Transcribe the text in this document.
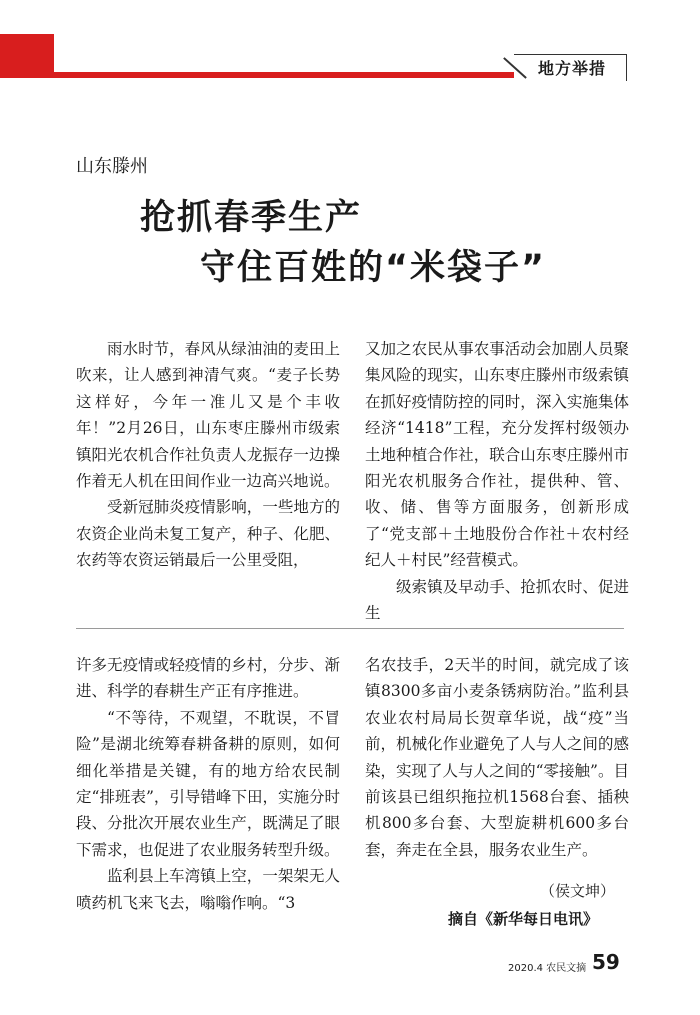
地方举措
山东滕州
抢抓春季生产
守住百姓的“米袋子”

雨水时节，春风从绿油油的麦田上吹来，让人感到神清气爽。“麦子长势这样好，今年一准儿又是个丰收年！”2月26日，山东枣庄滕州市级索镇阳光农机合作社负责人龙振存一边操作着无人机在田间作业一边高兴地说。

受新冠肺炎疫情影响，一些地方的农资企业尚未复工复产，种子、化肥、农药等农资运销最后一公里受阻，

又加之农民从事农事活动会加剧人员聚集风险的现实，山东枣庄滕州市级索镇在抓好疫情防控的同时，深入实施集体经济“1418”工程，充分发挥村级领办土地种植合作社，联合山东枣庄滕州市阳光农机服务合作社，提供种、管、收、储、售等方面服务，创新形成了“党支部＋土地股份合作社＋农村经纪人＋村民”经营模式。

级索镇及早动手、抢抓农时、促进生

许多无疫情或轻疫情的乡村，分步、渐进、科学的春耕生产正有序推进。

“不等待，不观望，不耽误，不冒险”是湖北统筹春耕备耕的原则，如何细化举措是关键，有的地方给农民制定“排班表”，引导错峰下田，实施分时段、分批次开展农业生产，既满足了眼下需求，也促进了农业服务转型升级。

监利县上车湾镇上空，一架架无人喷药机飞来飞去，嗡嗡作响。“3

名农技手，2天半的时间，就完成了该镇8300多亩小麦条锈病防治。”监利县农业农村局局长贺章华说，战“疫”当前，机械化作业避免了人与人之间的感染，实现了人与人之间的“零接触”。目前该县已组织拖拉机1568台套、插秧机800多台套、大型旋耕机600多台套，奔走在全县，服务农业生产。

（侯文坤）
摘自《新华每日电讯》
2020.4 农民文摘 59
